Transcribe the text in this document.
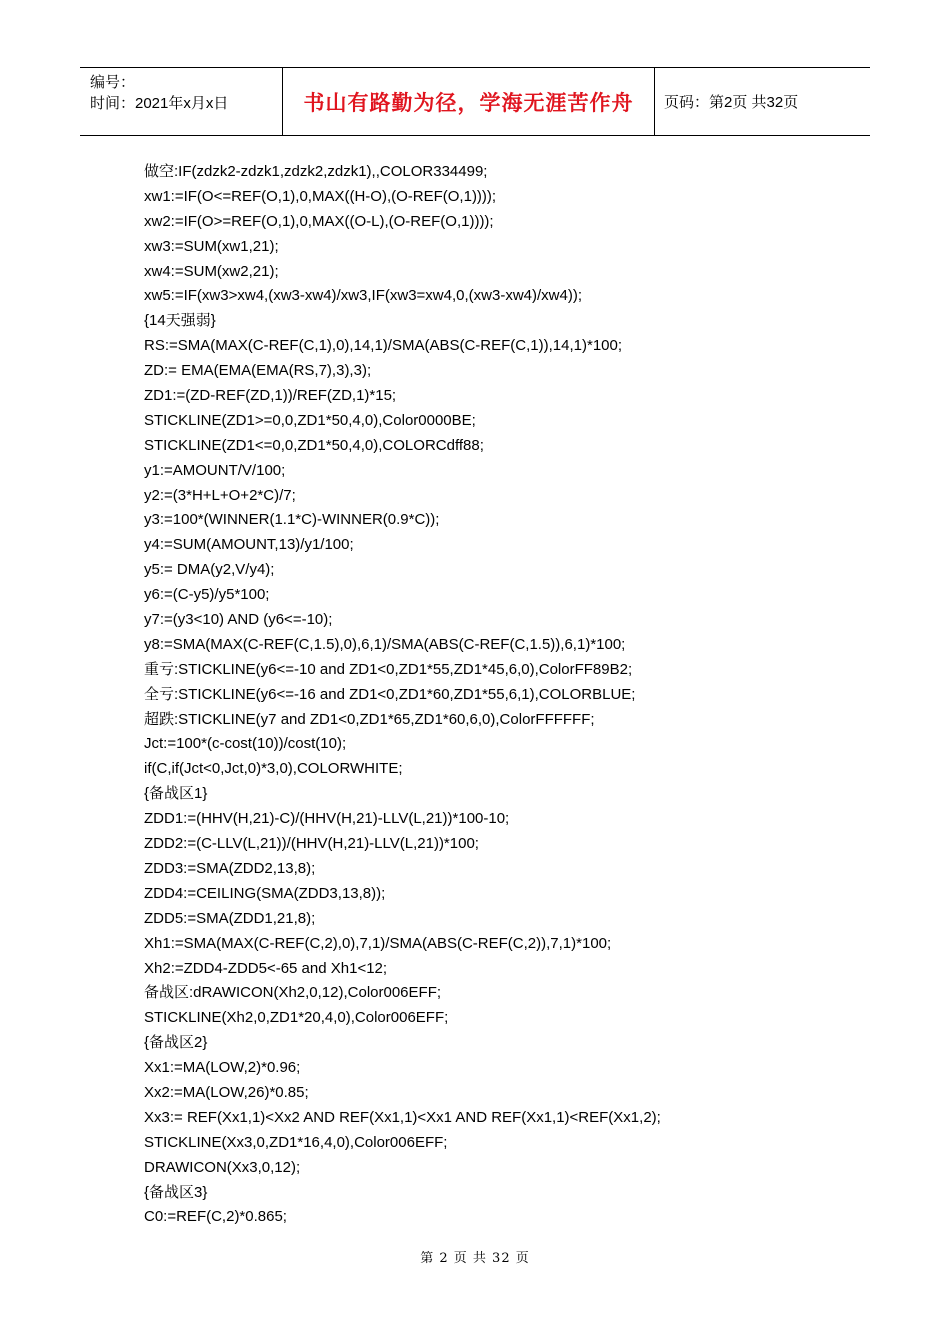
编号：
时间：2021年x月x日	书山有路勤为径，学海无涯苦作舟 页码：第2页 共32页
做空:IF(zdzk2-zdzk1,zdzk2,zdzk1),,COLOR334499;
xw1:=IF(O<=REF(O,1),0,MAX((H-O),(O-REF(O,1))));
xw2:=IF(O>=REF(O,1),0,MAX((O-L),(O-REF(O,1))));
xw3:=SUM(xw1,21);
xw4:=SUM(xw2,21);
xw5:=IF(xw3>xw4,(xw3-xw4)/xw3,IF(xw3=xw4,0,(xw3-xw4)/xw4));
{14天强弱}
RS:=SMA(MAX(C-REF(C,1),0),14,1)/SMA(ABS(C-REF(C,1)),14,1)*100;
ZD:= EMA(EMA(EMA(RS,7),3),3);
ZD1:=(ZD-REF(ZD,1))/REF(ZD,1)*15;
STICKLINE(ZD1>=0,0,ZD1*50,4,0),Color0000BE;
STICKLINE(ZD1<=0,0,ZD1*50,4,0),COLORCdff88;
y1:=AMOUNT/V/100;
y2:=(3*H+L+O+2*C)/7;
y3:=100*(WINNER(1.1*C)-WINNER(0.9*C));
y4:=SUM(AMOUNT,13)/y1/100;
y5:= DMA(y2,V/y4);
y6:=(C-y5)/y5*100;
y7:=(y3<10) AND (y6<=-10);
y8:=SMA(MAX(C-REF(C,1.5),0),6,1)/SMA(ABS(C-REF(C,1.5)),6,1)*100;
重亏:STICKLINE(y6<=-10 and ZD1<0,ZD1*55,ZD1*45,6,0),ColorFF89B2;
全亏:STICKLINE(y6<=-16 and ZD1<0,ZD1*60,ZD1*55,6,1),COLORBLUE;
超跌:STICKLINE(y7 and ZD1<0,ZD1*65,ZD1*60,6,0),ColorFFFFFF;
Jct:=100*(c-cost(10))/cost(10);
if(C,if(Jct<0,Jct,0)*3,0),COLORWHITE;
{备战区1}
ZDD1:=(HHV(H,21)-C)/(HHV(H,21)-LLV(L,21))*100-10;
ZDD2:=(C-LLV(L,21))/(HHV(H,21)-LLV(L,21))*100;
ZDD3:=SMA(ZDD2,13,8);
ZDD4:=CEILING(SMA(ZDD3,13,8));
ZDD5:=SMA(ZDD1,21,8);
Xh1:=SMA(MAX(C-REF(C,2),0),7,1)/SMA(ABS(C-REF(C,2)),7,1)*100;
Xh2:=ZDD4-ZDD5<-65 and Xh1<12;
备战区:dRAWICON(Xh2,0,12),Color006EFF;
STICKLINE(Xh2,0,ZD1*20,4,0),Color006EFF;
{备战区2}
Xx1:=MA(LOW,2)*0.96;
Xx2:=MA(LOW,26)*0.85;
Xx3:= REF(Xx1,1)<Xx2 AND REF(Xx1,1)<Xx1 AND REF(Xx1,1)<REF(Xx1,2);
STICKLINE(Xx3,0,ZD1*16,4,0),Color006EFF;
DRAWICON(Xx3,0,12);
{备战区3}
C0:=REF(C,2)*0.865;
第 2 页 共 32 页
